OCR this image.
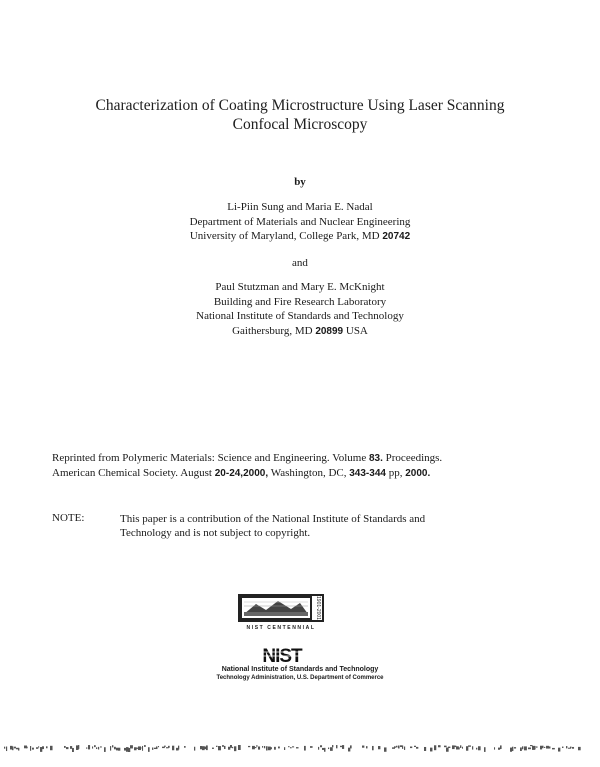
Characterization of Coating Microstructure Using Laser Scanning
Confocal Microscopy
by
Li-Piin Sung and Maria E. Nadal
Department of Materials and Nuclear Engineering
University of Maryland, College Park, MD 20742
and
Paul Stutzman and Mary E. McKnight
Building and Fire Research Laboratory
National Institute of Standards and Technology
Gaithersburg, MD 20899 USA
Reprinted from Polymeric Materials: Science and Engineering. Volume 83. Proceedings.
American Chemical Society. August 20-24,2000, Washington, DC, 343-344 pp, 2000.
NOTE:	This paper is a contribution of the National Institute of Standards and
Technology and is not subject to copyright.
1901-2001
NIST CENTENNIAL
NIST
National Institute of Standards and Technology
Technology Administration, U.S. Department of Commerce
